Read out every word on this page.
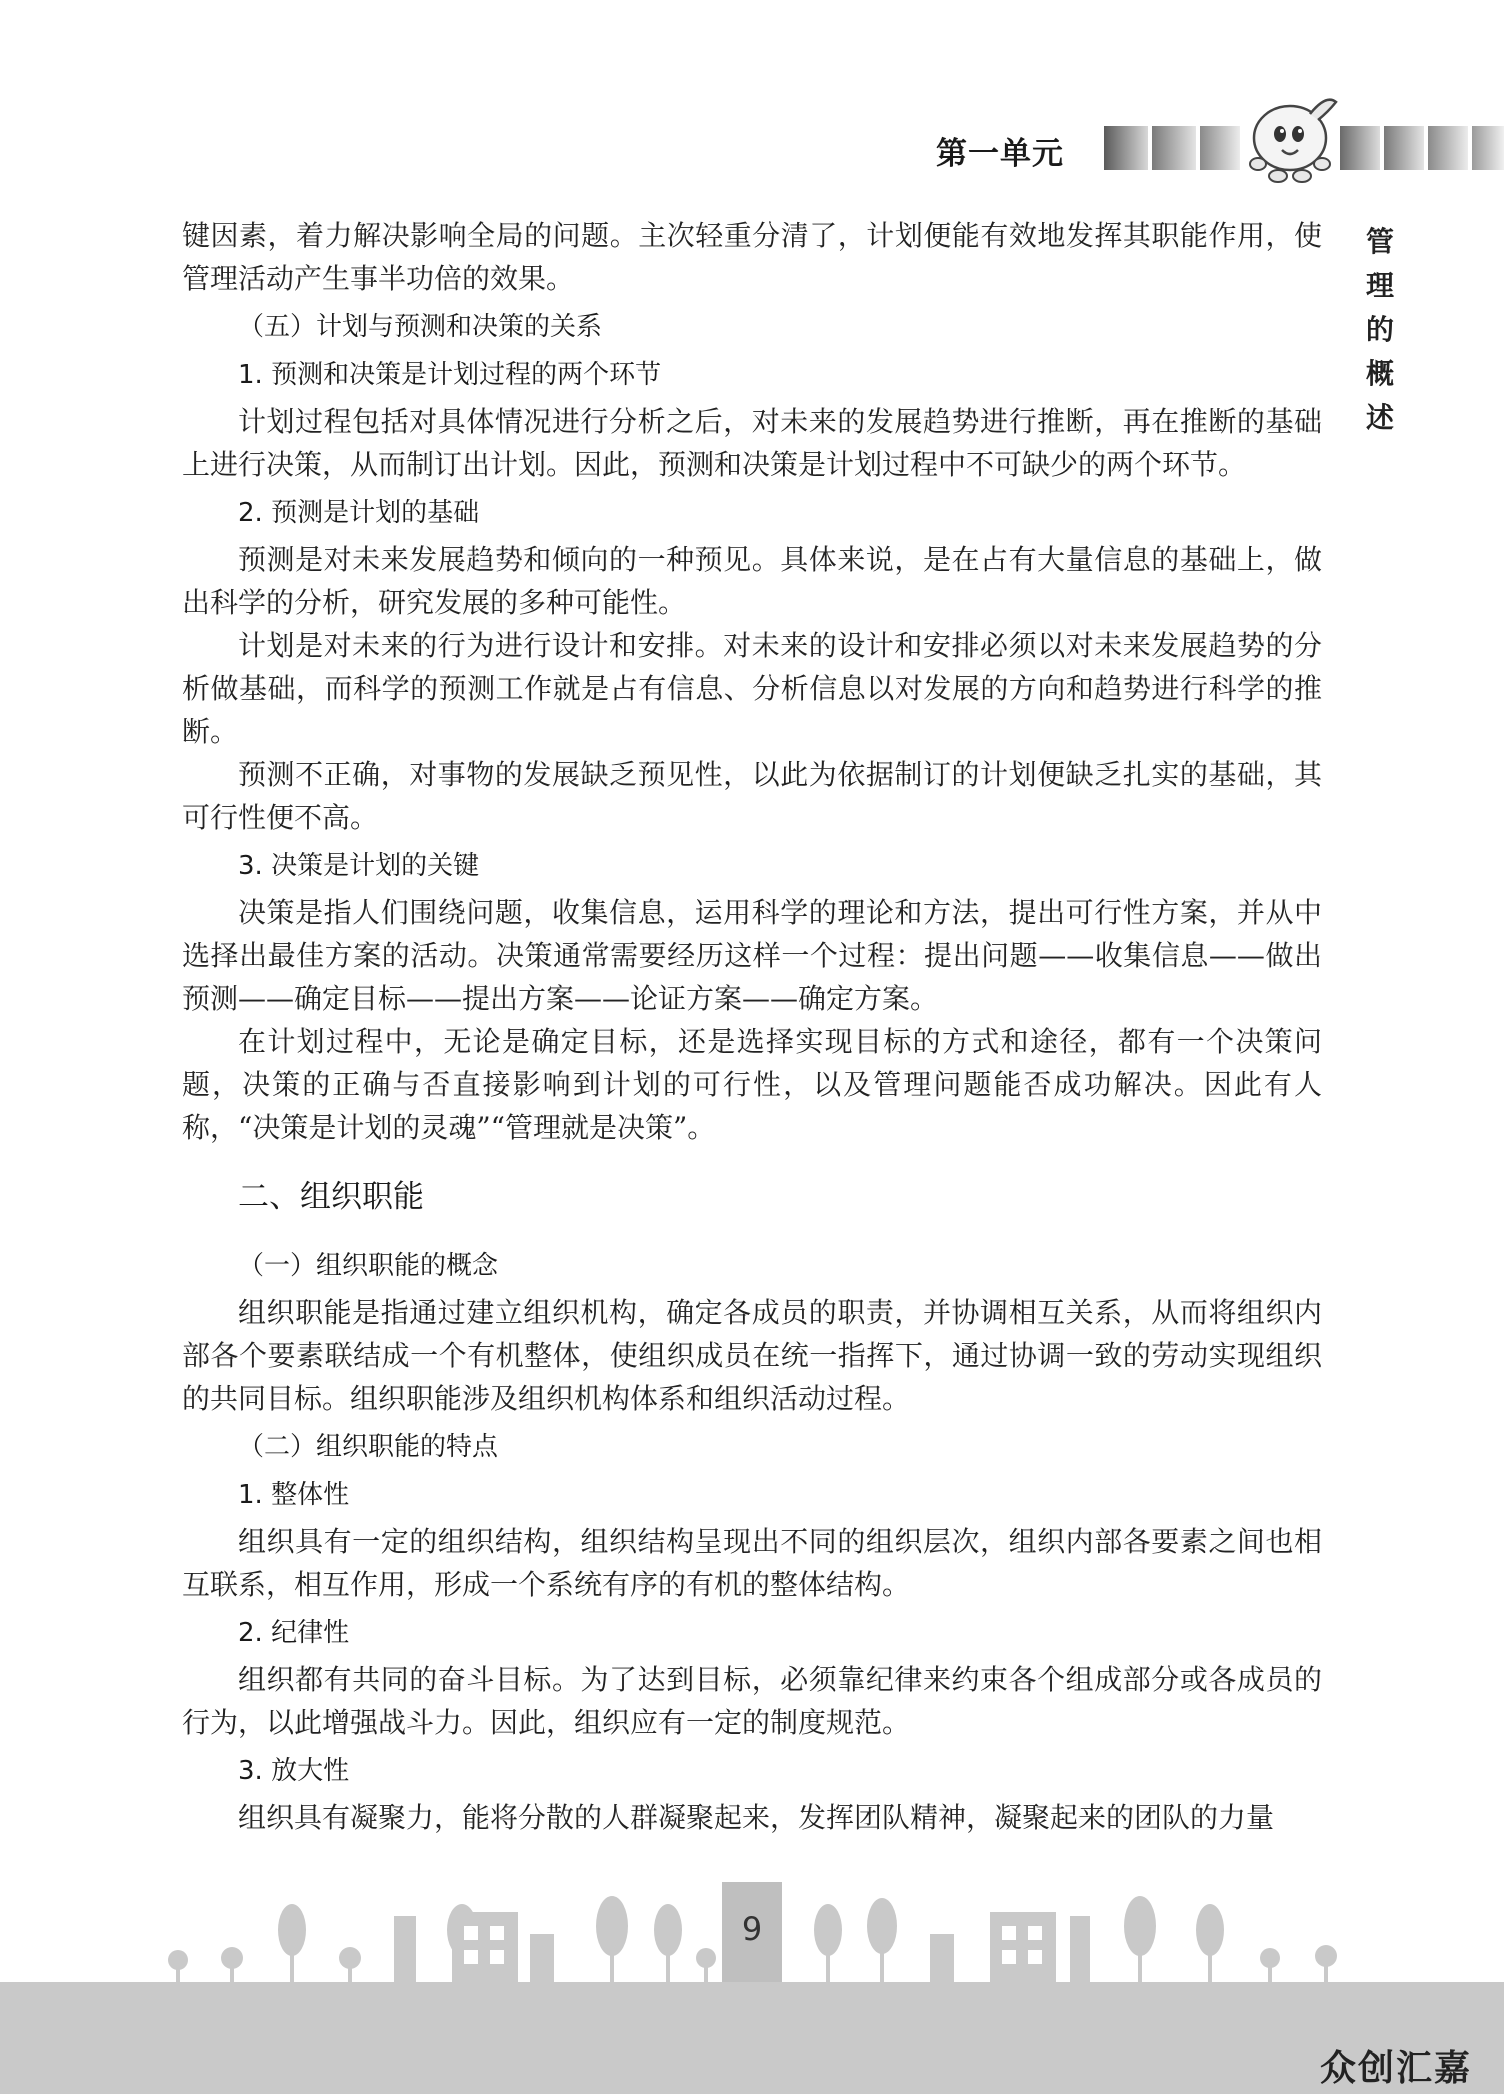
第一单元
管
理
的
概
述

键因素，着力解决影响全局的问题。主次轻重分清了，计划便能有效地发挥其职能作用，使管理活动产生事半功倍的效果。

（五）计划与预测和决策的关系

1. 预测和决策是计划过程的两个环节

计划过程包括对具体情况进行分析之后，对未来的发展趋势进行推断，再在推断的基础上进行决策，从而制订出计划。因此，预测和决策是计划过程中不可缺少的两个环节。

2. 预测是计划的基础

预测是对未来发展趋势和倾向的一种预见。具体来说，是在占有大量信息的基础上，做出科学的分析，研究发展的多种可能性。

计划是对未来的行为进行设计和安排。对未来的设计和安排必须以对未来发展趋势的分析做基础，而科学的预测工作就是占有信息、分析信息以对发展的方向和趋势进行科学的推断。

预测不正确，对事物的发展缺乏预见性，以此为依据制订的计划便缺乏扎实的基础，其可行性便不高。

3. 决策是计划的关键

决策是指人们围绕问题，收集信息，运用科学的理论和方法，提出可行性方案，并从中选择出最佳方案的活动。决策通常需要经历这样一个过程：提出问题——收集信息——做出预测——确定目标——提出方案——论证方案——确定方案。

在计划过程中，无论是确定目标，还是选择实现目标的方式和途径，都有一个决策问题，决策的正确与否直接影响到计划的可行性，以及管理问题能否成功解决。因此有人称，“决策是计划的灵魂”“管理就是决策”。

二、组织职能

（一）组织职能的概念

组织职能是指通过建立组织机构，确定各成员的职责，并协调相互关系，从而将组织内部各个要素联结成一个有机整体，使组织成员在统一指挥下，通过协调一致的劳动实现组织的共同目标。组织职能涉及组织机构体系和组织活动过程。

（二）组织职能的特点

1. 整体性

组织具有一定的组织结构，组织结构呈现出不同的组织层次，组织内部各要素之间也相互联系，相互作用，形成一个系统有序的有机的整体结构。

2. 纪律性

组织都有共同的奋斗目标。为了达到目标，必须靠纪律来约束各个组成部分或各成员的行为，以此增强战斗力。因此，组织应有一定的制度规范。

3. 放大性

组织具有凝聚力，能将分散的人群凝聚起来，发挥团队精神，凝聚起来的团队的力量

9
众创汇嘉
